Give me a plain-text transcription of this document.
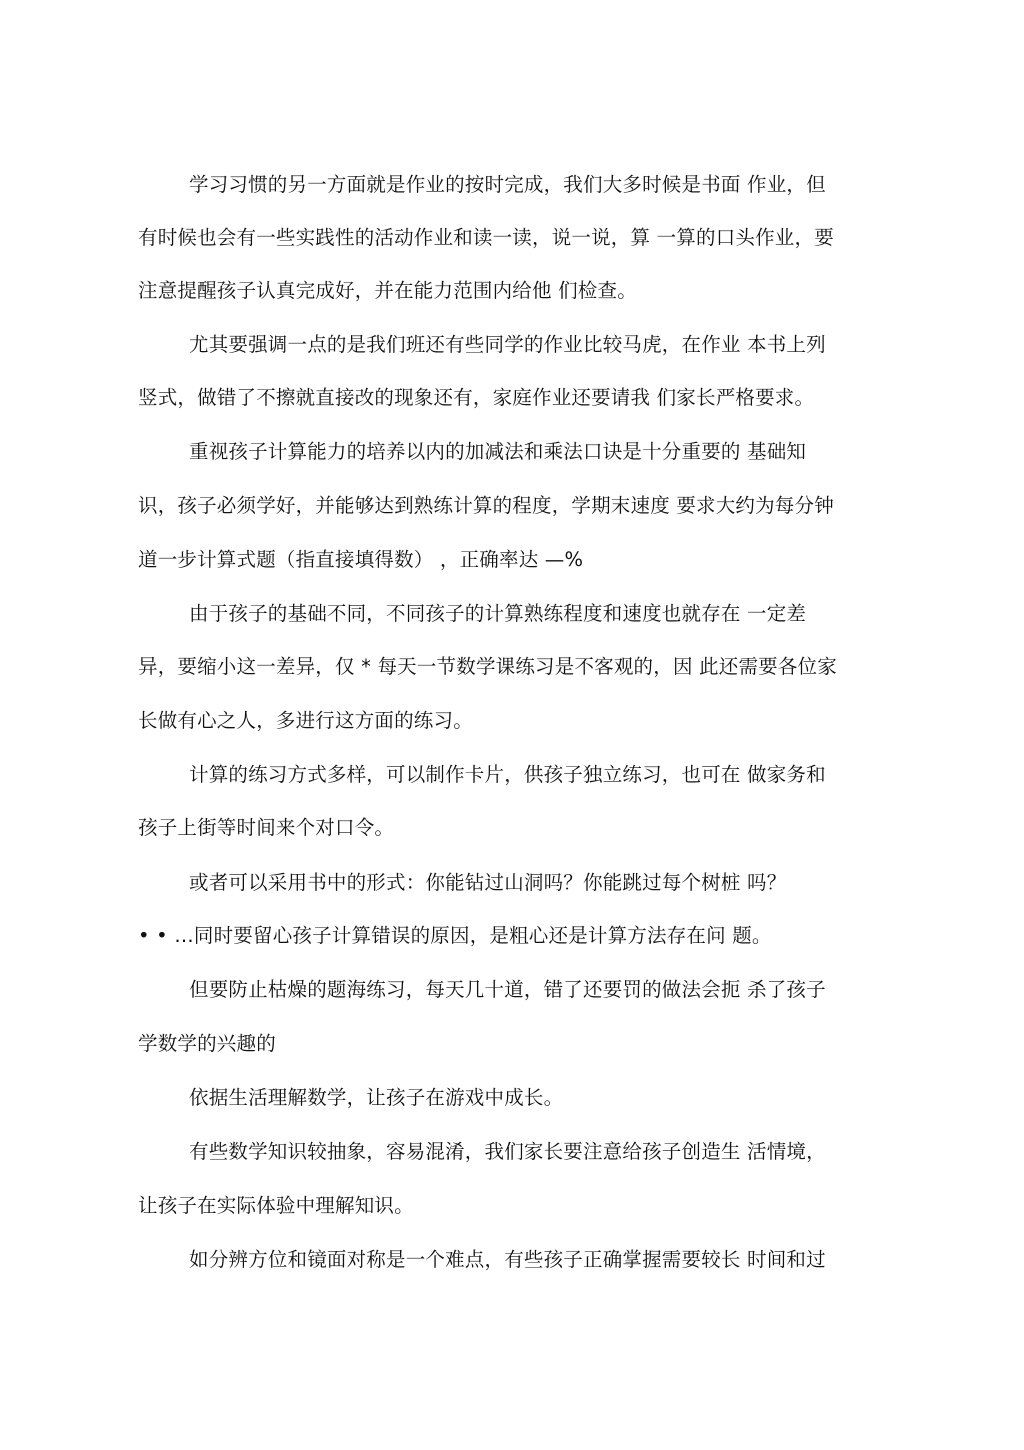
学习习惯的另一方面就是作业的按时完成，我们大多时候是书面 作业，但
有时候也会有一些实践性的活动作业和读一读，说一说，算 一算的口头作业，要
注意提醒孩子认真完成好，并在能力范围内给他 们检查。
尤其要强调一点的是我们班还有些同学的作业比较马虎，在作业 本书上列
竖式，做错了不擦就直接改的现象还有，家庭作业还要请我 们家长严格要求。
重视孩子计算能力的培养以内的加减法和乘法口诀是十分重要的 基础知
识，孩子必须学好，并能够达到熟练计算的程度，学期末速度 要求大约为每分钟
道一步计算式题（指直接填得数） ，正确率达 —%
由于孩子的基础不同，不同孩子的计算熟练程度和速度也就存在 一定差
异，要缩小这一差异，仅 * 每天一节数学课练习是不客观的，因 此还需要各位家
长做有心之人，多进行这方面的练习。
计算的练习方式多样，可以制作卡片，供孩子独立练习，也可在 做家务和
孩子上街等时间来个对口令。
或者可以采用书中的形式：你能钻过山洞吗？你能跳过每个树桩 吗？
• • …同时要留心孩子计算错误的原因，是粗心还是计算方法存在问 题。
但要防止枯燥的题海练习，每天几十道，错了还要罚的做法会扼 杀了孩子
学数学的兴趣的
依据生活理解数学，让孩子在游戏中成长。
有些数学知识较抽象，容易混淆，我们家长要注意给孩子创造生 活情境，
让孩子在实际体验中理解知识。
如分辨方位和镜面对称是一个难点，有些孩子正确掌握需要较长 时间和过
